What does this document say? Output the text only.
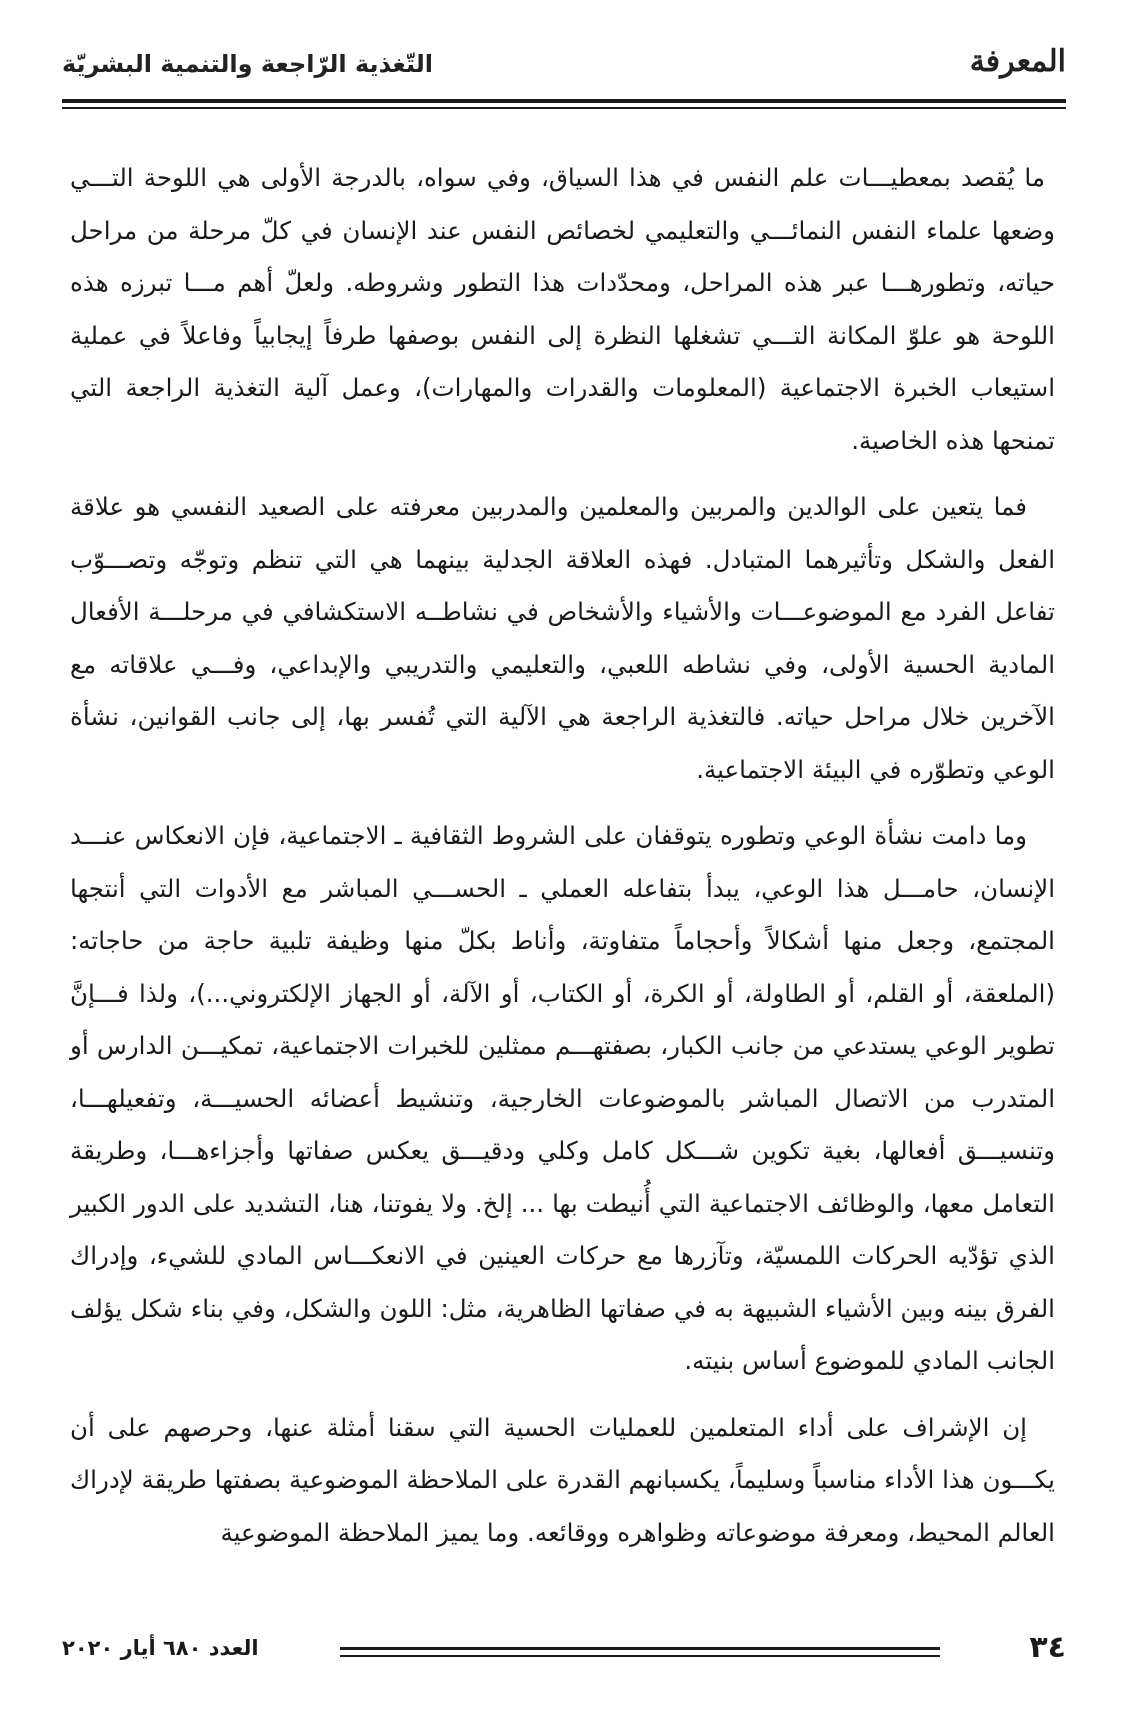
المعرفة
التّغذية الرّاجعة والتنمية البشريّة

ما يُقصد بمعطيـــات علم النفس في هذا السياق، وفي سواه، بالدرجة الأولى هي اللوحة التـــي وضعها علماء النفس النمائـــي والتعليمي لخصائص النفس عند الإنسان في كلّ مرحلة من مراحل حياته، وتطورهـــا عبر هذه المراحل، ومحدّدات هذا التطور وشروطه. ولعلّ أهم مـــا تبرزه هذه اللوحة هو علوّ المكانة التـــي تشغلها النظرة إلى النفس بوصفها طرفاً إيجابياً وفاعلاً في عملية استيعاب الخبرة الاجتماعية (المعلومات والقدرات والمهارات)، وعمل آلية التغذية الراجعة التي تمنحها هذه الخاصية.

فما يتعين على الوالدين والمربين والمعلمين والمدربين معرفته على الصعيد النفسي هو علاقة الفعل والشكل وتأثيرهما المتبادل. فهذه العلاقة الجدلية بينهما هي التي تنظم وتوجّه وتصـــوّب تفاعل الفرد مع الموضوعـــات والأشياء والأشخاص في نشاطــه الاستكشافي في مرحلـــة الأفعال المادية الحسية الأولى، وفي نشاطه اللعبي، والتعليمي والتدريبي والإبداعي، وفـــي علاقاته مع الآخرين خلال مراحل حياته. فالتغذية الراجعة هي الآلية التي تُفسر بها، إلى جانب القوانين، نشأة الوعي وتطوّره في البيئة الاجتماعية.

وما دامت نشأة الوعي وتطوره يتوقفان على الشروط الثقافية ـ الاجتماعية، فإن الانعكاس عنـــد الإنسان، حامـــل هذا الوعي، يبدأ بتفاعله العملي ـ الحســـي المباشر مع الأدوات التي أنتجها المجتمع، وجعل منها أشكالاً وأحجاماً متفاوتة، وأناط بكلّ منها وظيفة تلبية حاجة من حاجاته: (الملعقة، أو القلم، أو الطاولة، أو الكرة، أو الكتاب، أو الآلة، أو الجهاز الإلكتروني...)، ولذا فـــإنَّ تطوير الوعي يستدعي من جانب الكبار، بصفتهـــم ممثلين للخبرات الاجتماعية، تمكيـــن الدارس أو المتدرب من الاتصال المباشر بالموضوعات الخارجية، وتنشيط أعضائه الحسيـــة، وتفعيلهـــا، وتنسيـــق أفعالها، بغية تكوين شـــكل كامل وكلي ودقيـــق يعكس صفاتها وأجزاءهـــا، وطريقة التعامل معها، والوظائف الاجتماعية التي أُنيطت بها ... إلخ. ولا يفوتنا، هنا، التشديد على الدور الكبير الذي تؤدّيه الحركات اللمسيّة، وتآزرها مع حركات العينين في الانعكـــاس المادي للشيء، وإدراك الفرق بينه وبين الأشياء الشبيهة به في صفاتها الظاهرية، مثل: اللون والشكل، وفي بناء شكل يؤلف الجانب المادي للموضوع أساس بنيته.

إن الإشراف على أداء المتعلمين للعمليات الحسية التي سقنا أمثلة عنها، وحرصهم على أن يكـــون هذا الأداء مناسباً وسليماً، يكسبانهم القدرة على الملاحظة الموضوعية بصفتها طريقة لإدراك العالم المحيط، ومعرفة موضوعاته وظواهره ووقائعه. وما يميز الملاحظة الموضوعية

٣٤
العدد ٦٨٠ أيار ٢٠٢٠
